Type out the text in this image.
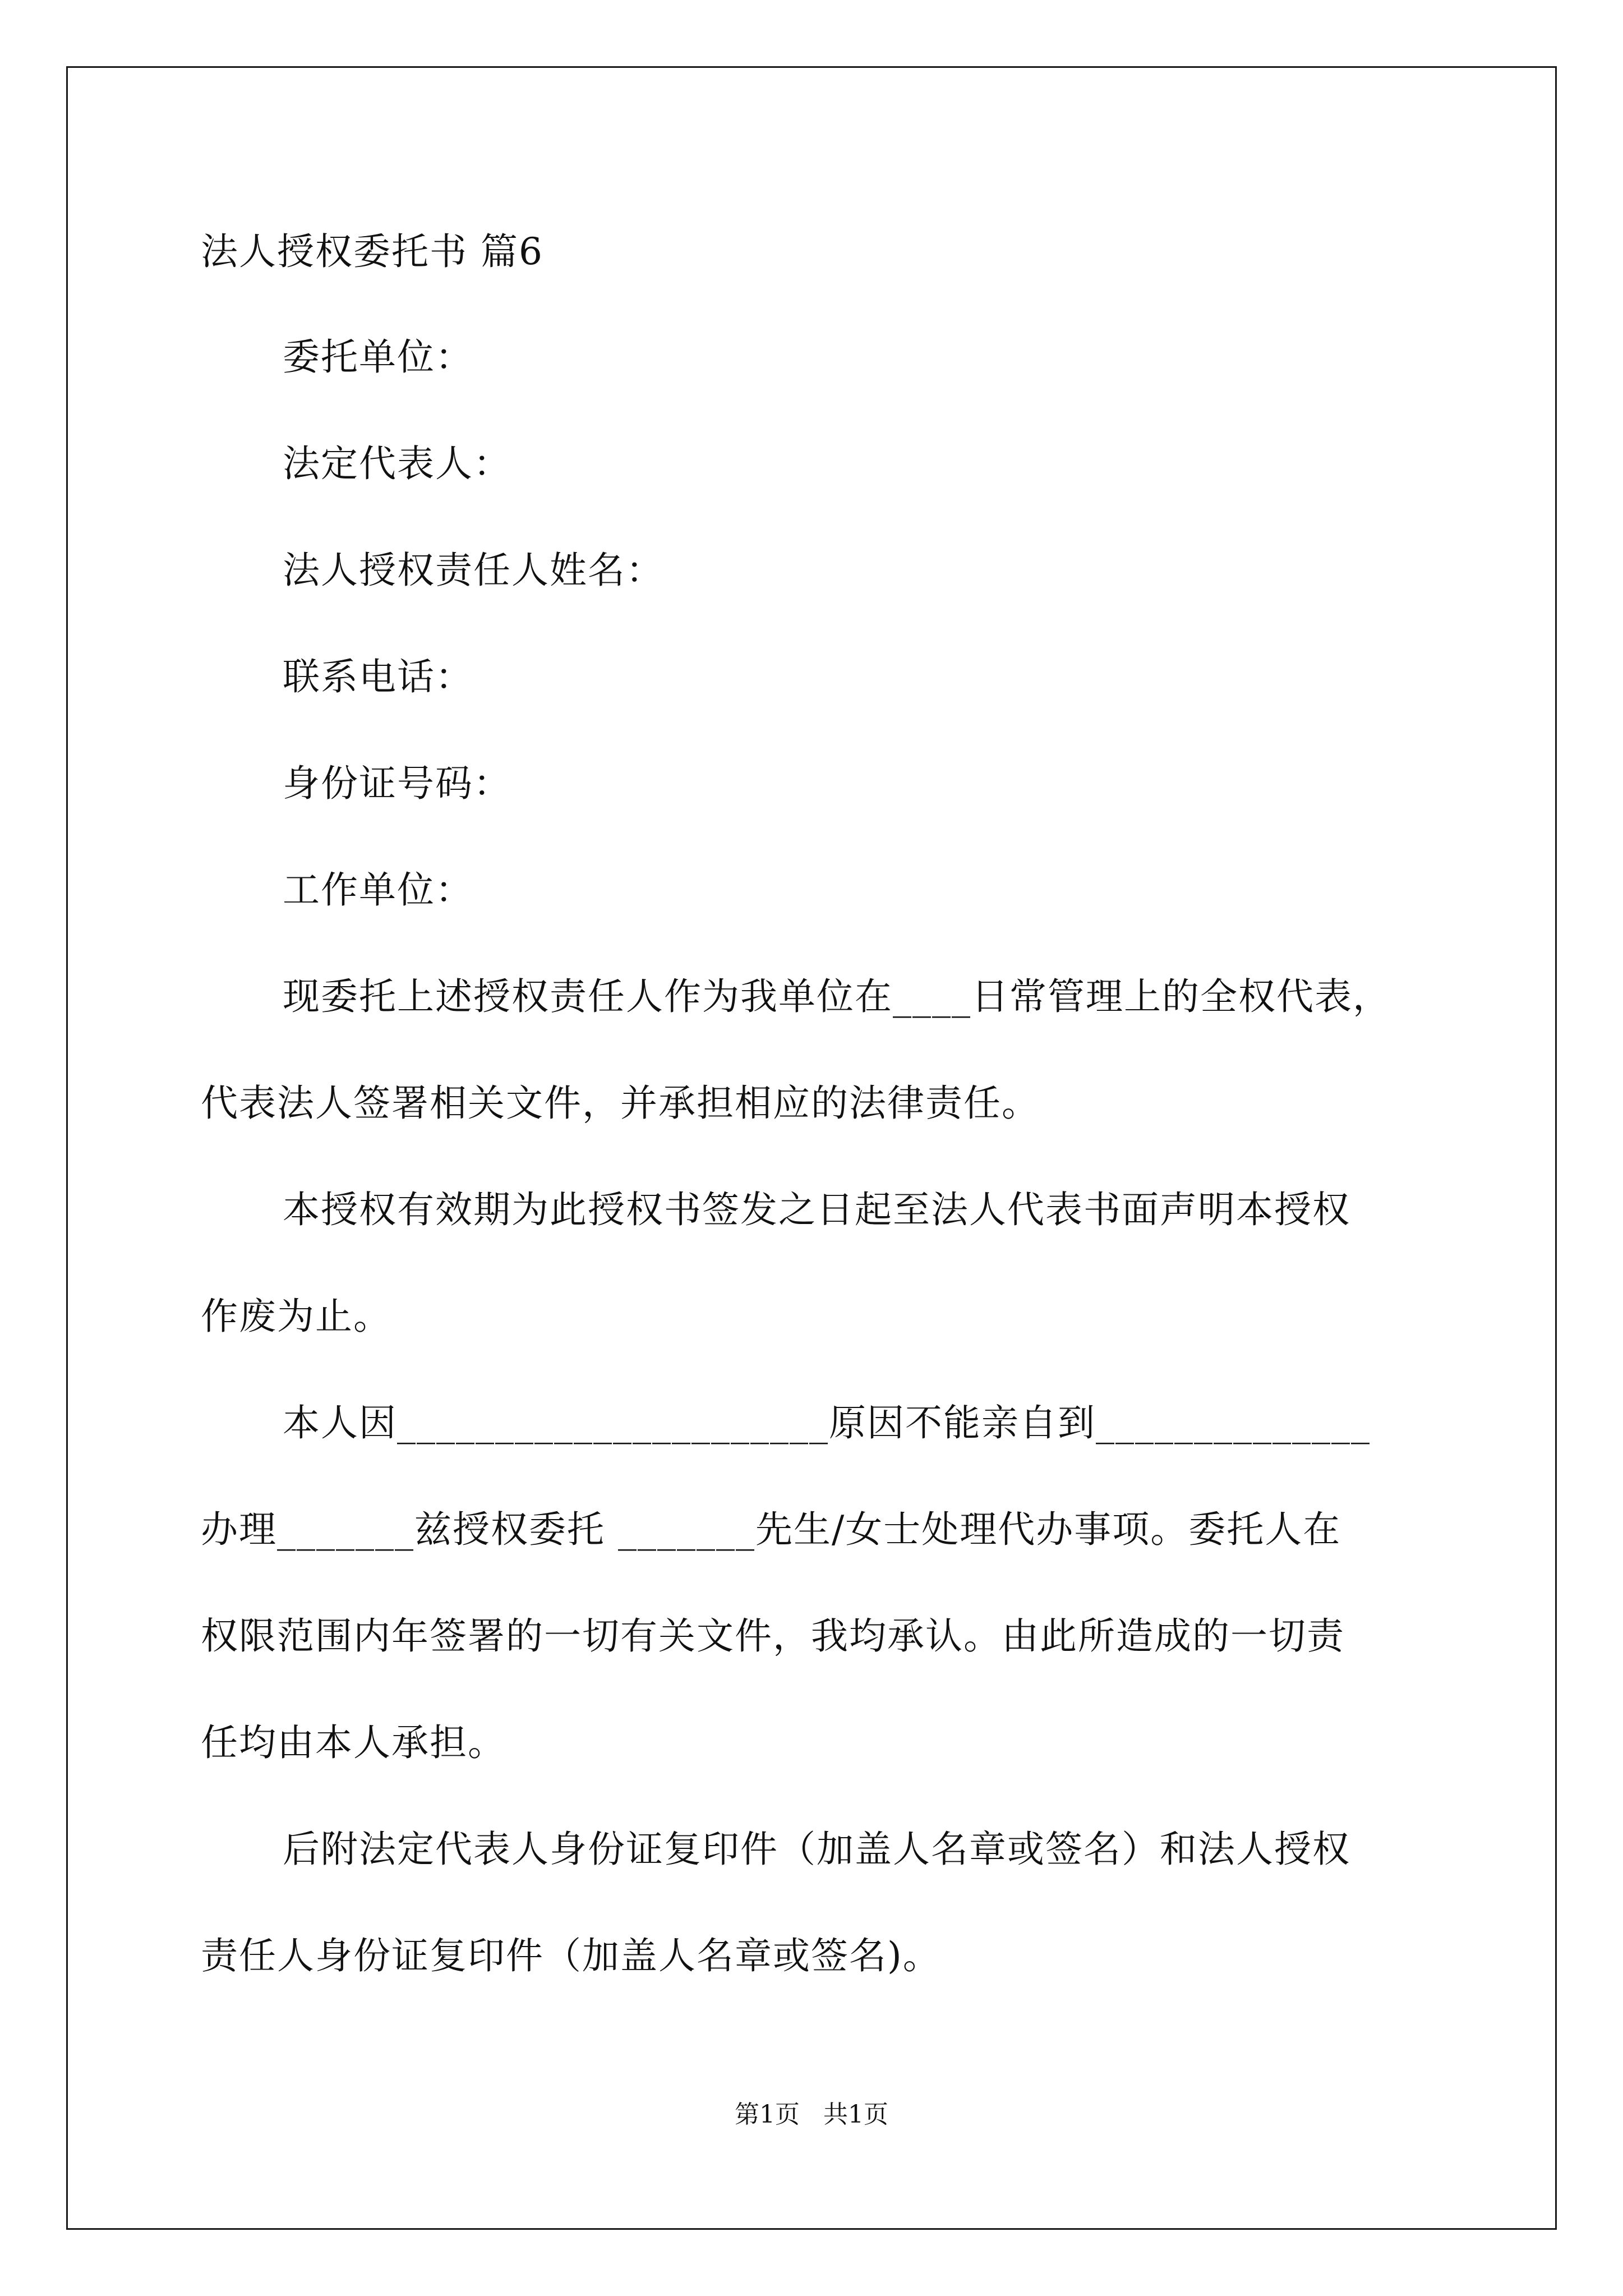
法人授权委托书 篇6
委托单位：
法定代表人：
法人授权责任人姓名：
联系电话：
身份证号码：
工作单位：
现委托上述授权责任人作为我单位在____日常管理上的全权代表，
代表法人签署相关文件，并承担相应的法律责任。
本授权有效期为此授权书签发之日起至法人代表书面声明本授权
作废为止。
本人因______________________原因不能亲自到______________
办理_______兹授权委托 _______先生/女士处理代办事项。委托人在
权限范围内年签署的一切有关文件，我均承认。由此所造成的一切责
任均由本人承担。
后附法定代表人身份证复印件（加盖人名章或签名）和法人授权
责任人身份证复印件（加盖人名章或签名)。
第1页   共1页
